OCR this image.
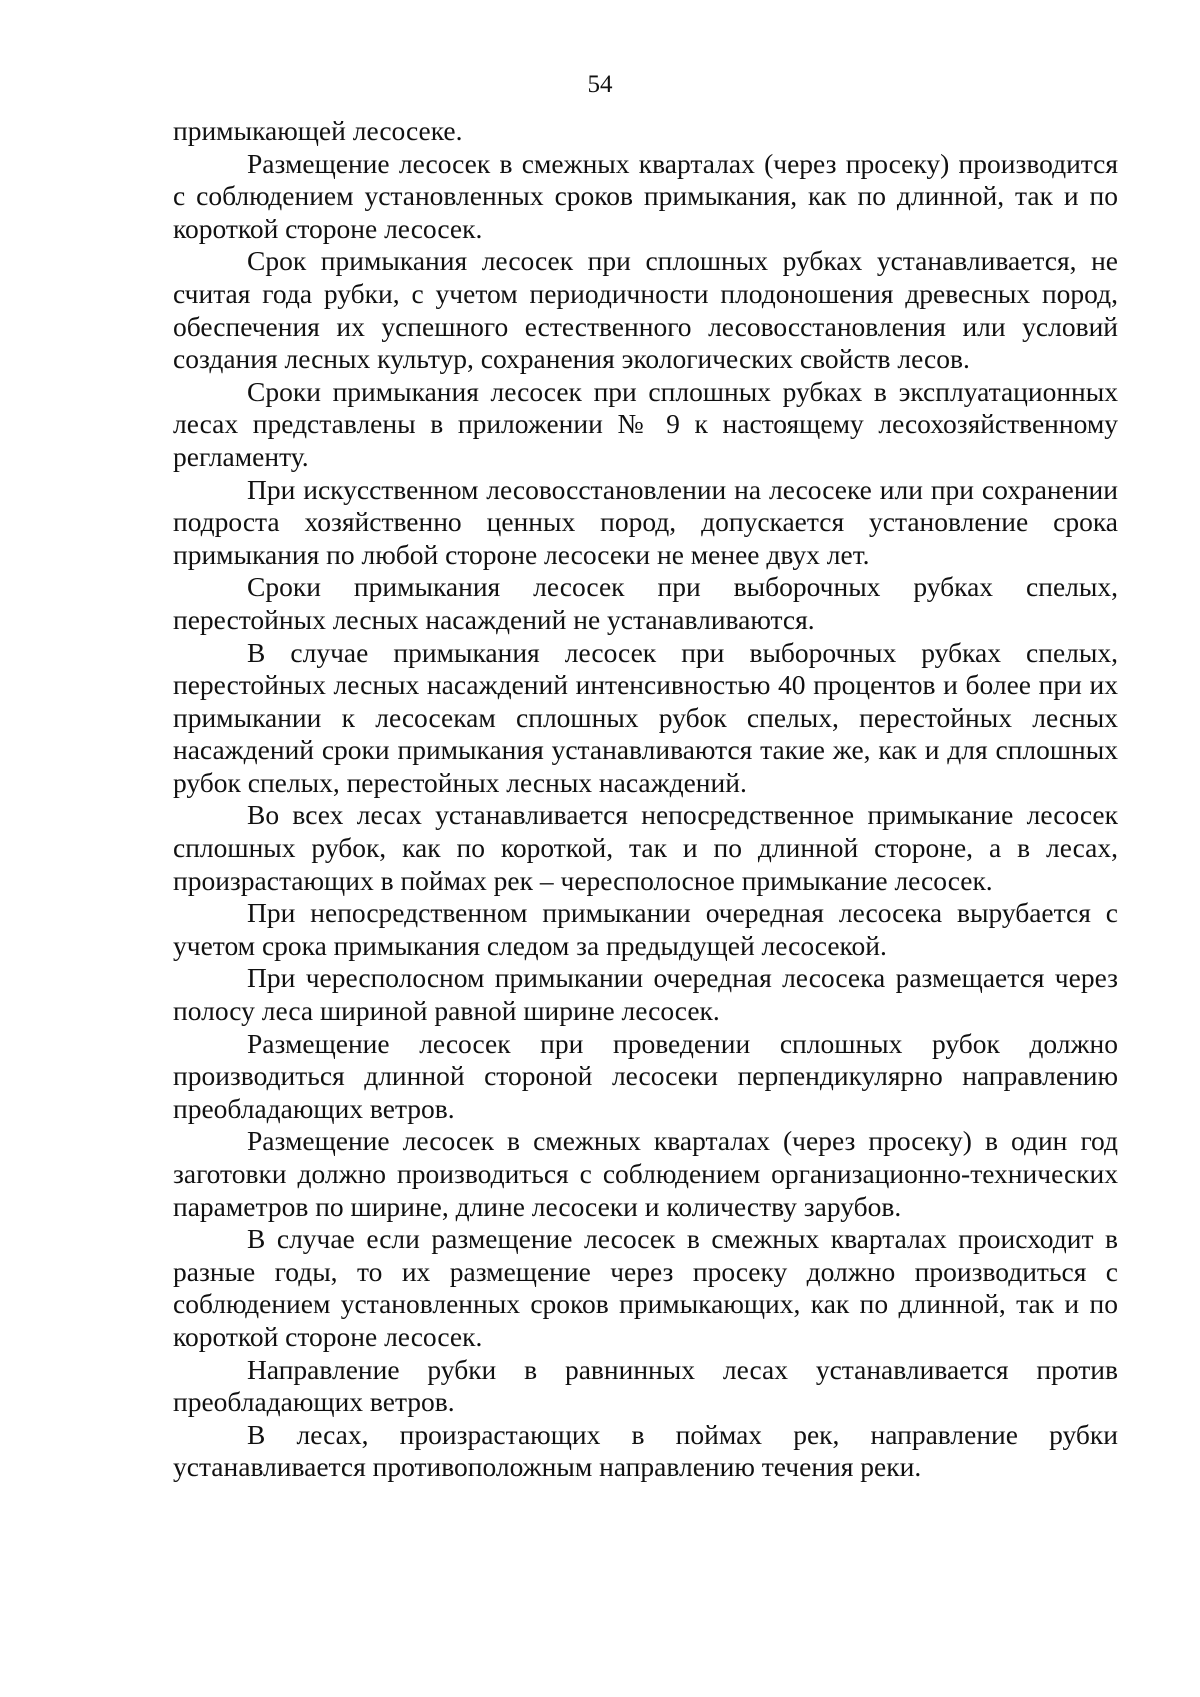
54

примыкающей лесосеке.

Размещение лесосек в смежных кварталах (через просеку) производится с соблюдением установленных сроков примыкания, как по длинной, так и по короткой стороне лесосек.

Срок примыкания лесосек при сплошных рубках устанавливается, не считая года рубки, с учетом периодичности плодоношения древесных пород, обеспечения их успешного естественного лесовосстановления или условий создания лесных культур, сохранения экологических свойств лесов.

Сроки примыкания лесосек при сплошных рубках в эксплуатационных лесах представлены в приложении № 9 к настоящему лесохозяйственному регламенту.

При искусственном лесовосстановлении на лесосеке или при сохранении подроста хозяйственно ценных пород, допускается установление срока примыкания по любой стороне лесосеки не менее двух лет.

Сроки примыкания лесосек при выборочных рубках спелых, перестойных лесных насаждений не устанавливаются.

В случае примыкания лесосек при выборочных рубках спелых, перестойных лесных насаждений интенсивностью 40 процентов и более при их примыкании к лесосекам сплошных рубок спелых, перестойных лесных насаждений сроки примыкания устанавливаются такие же, как и для сплошных рубок спелых, перестойных лесных насаждений.

Во всех лесах устанавливается непосредственное примыкание лесосек сплошных рубок, как по короткой, так и по длинной стороне, а в лесах, произрастающих в поймах рек – чересполосное примыкание лесосек.

При непосредственном примыкании очередная лесосека вырубается с учетом срока примыкания следом за предыдущей лесосекой.

При чересполосном примыкании очередная лесосека размещается через полосу леса шириной равной ширине лесосек.

Размещение лесосек при проведении сплошных рубок должно производиться длинной стороной лесосеки перпендикулярно направлению преобладающих ветров.

Размещение лесосек в смежных кварталах (через просеку) в один год заготовки должно производиться с соблюдением организационно-технических параметров по ширине, длине лесосеки и количеству зарубов.

В случае если размещение лесосек в смежных кварталах происходит в разные годы, то их размещение через просеку должно производиться с соблюдением установленных сроков примыкающих, как по длинной, так и по короткой стороне лесосек.

Направление рубки в равнинных лесах устанавливается против преобладающих ветров.

В лесах, произрастающих в поймах рек, направление рубки устанавливается противоположным направлению течения реки.
